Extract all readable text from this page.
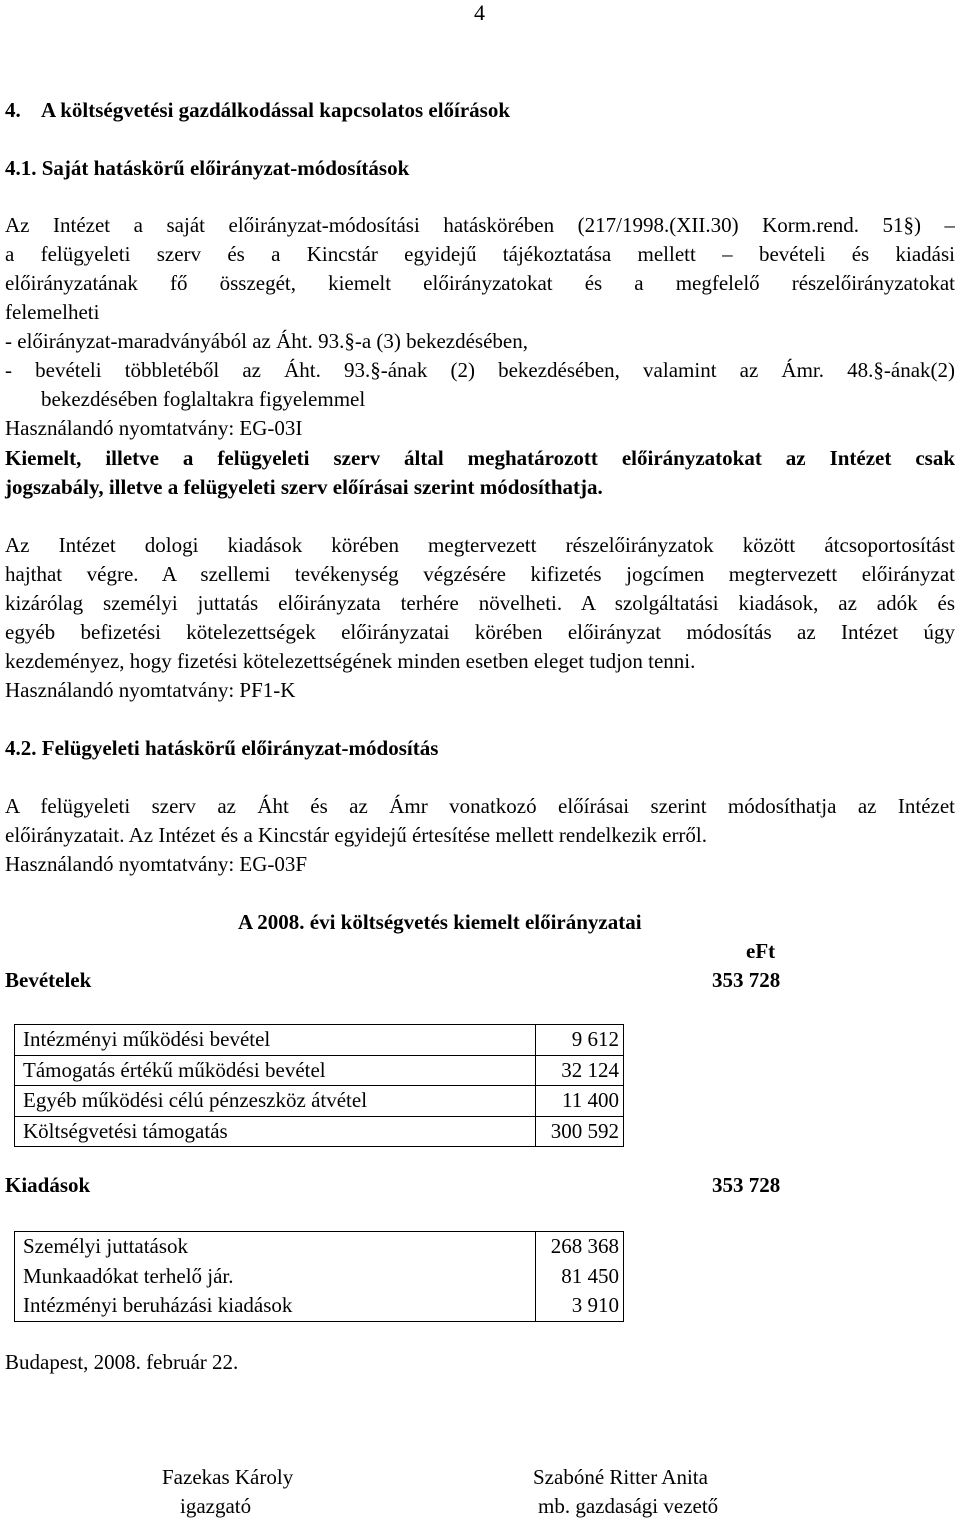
4
4. A költségvetési gazdálkodással kapcsolatos előírások
4.1. Saját hatáskörű előirányzat-módosítások
Az Intézet a saját előirányzat-módosítási hatáskörében (217/1998.(XII.30) Korm.rend. 51§) –
a felügyeleti szerv és a Kincstár egyidejű tájékoztatása mellett – bevételi és kiadási
előirányzatának fő összegét, kiemelt előirányzatokat és a megfelelő részelőirányzatokat
felemelheti
- előirányzat-maradványából az Áht. 93.§-a (3) bekezdésében,
- bevételi többletéből az Áht. 93.§-ának (2) bekezdésében, valamint az Ámr. 48.§-ának(2)
bekezdésében foglaltakra figyelemmel
Használandó nyomtatvány: EG-03I
Kiemelt, illetve a felügyeleti szerv által meghatározott előirányzatokat az Intézet csak
jogszabály, illetve a felügyeleti szerv előírásai szerint módosíthatja.
Az Intézet dologi kiadások körében megtervezett részelőirányzatok között átcsoportosítást
hajthat végre. A szellemi tevékenység végzésére kifizetés jogcímen megtervezett előirányzat
kizárólag személyi juttatás előirányzata terhére növelheti. A szolgáltatási kiadások, az adók és
egyéb befizetési kötelezettségek előirányzatai körében előirányzat módosítás az Intézet úgy
kezdeményez, hogy fizetési kötelezettségének minden esetben eleget tudjon tenni.
Használandó nyomtatvány: PF1-K
4.2. Felügyeleti hatáskörű előirányzat-módosítás
A felügyeleti szerv az Áht és az Ámr vonatkozó előírásai szerint módosíthatja az Intézet
előirányzatait. Az Intézet és a Kincstár egyidejű értesítése mellett rendelkezik erről.
Használandó nyomtatvány: EG-03F
A 2008. évi költségvetés kiemelt előirányzatai
eFt
Bevételek	353 728
Intézményi működési bevétel	9 612
Támogatás értékű működési bevétel	32 124
Egyéb működési célú pénzeszköz átvétel	11 400
Költségvetési támogatás	300 592
Kiadások	353 728
Személyi juttatások	268 368
Munkaadókat terhelő jár.	81 450
Intézményi beruházási kiadások	3 910
Budapest, 2008. február 22.
Fazekas Károly
igazgató
Szabóné Ritter Anita
mb. gazdasági vezető
